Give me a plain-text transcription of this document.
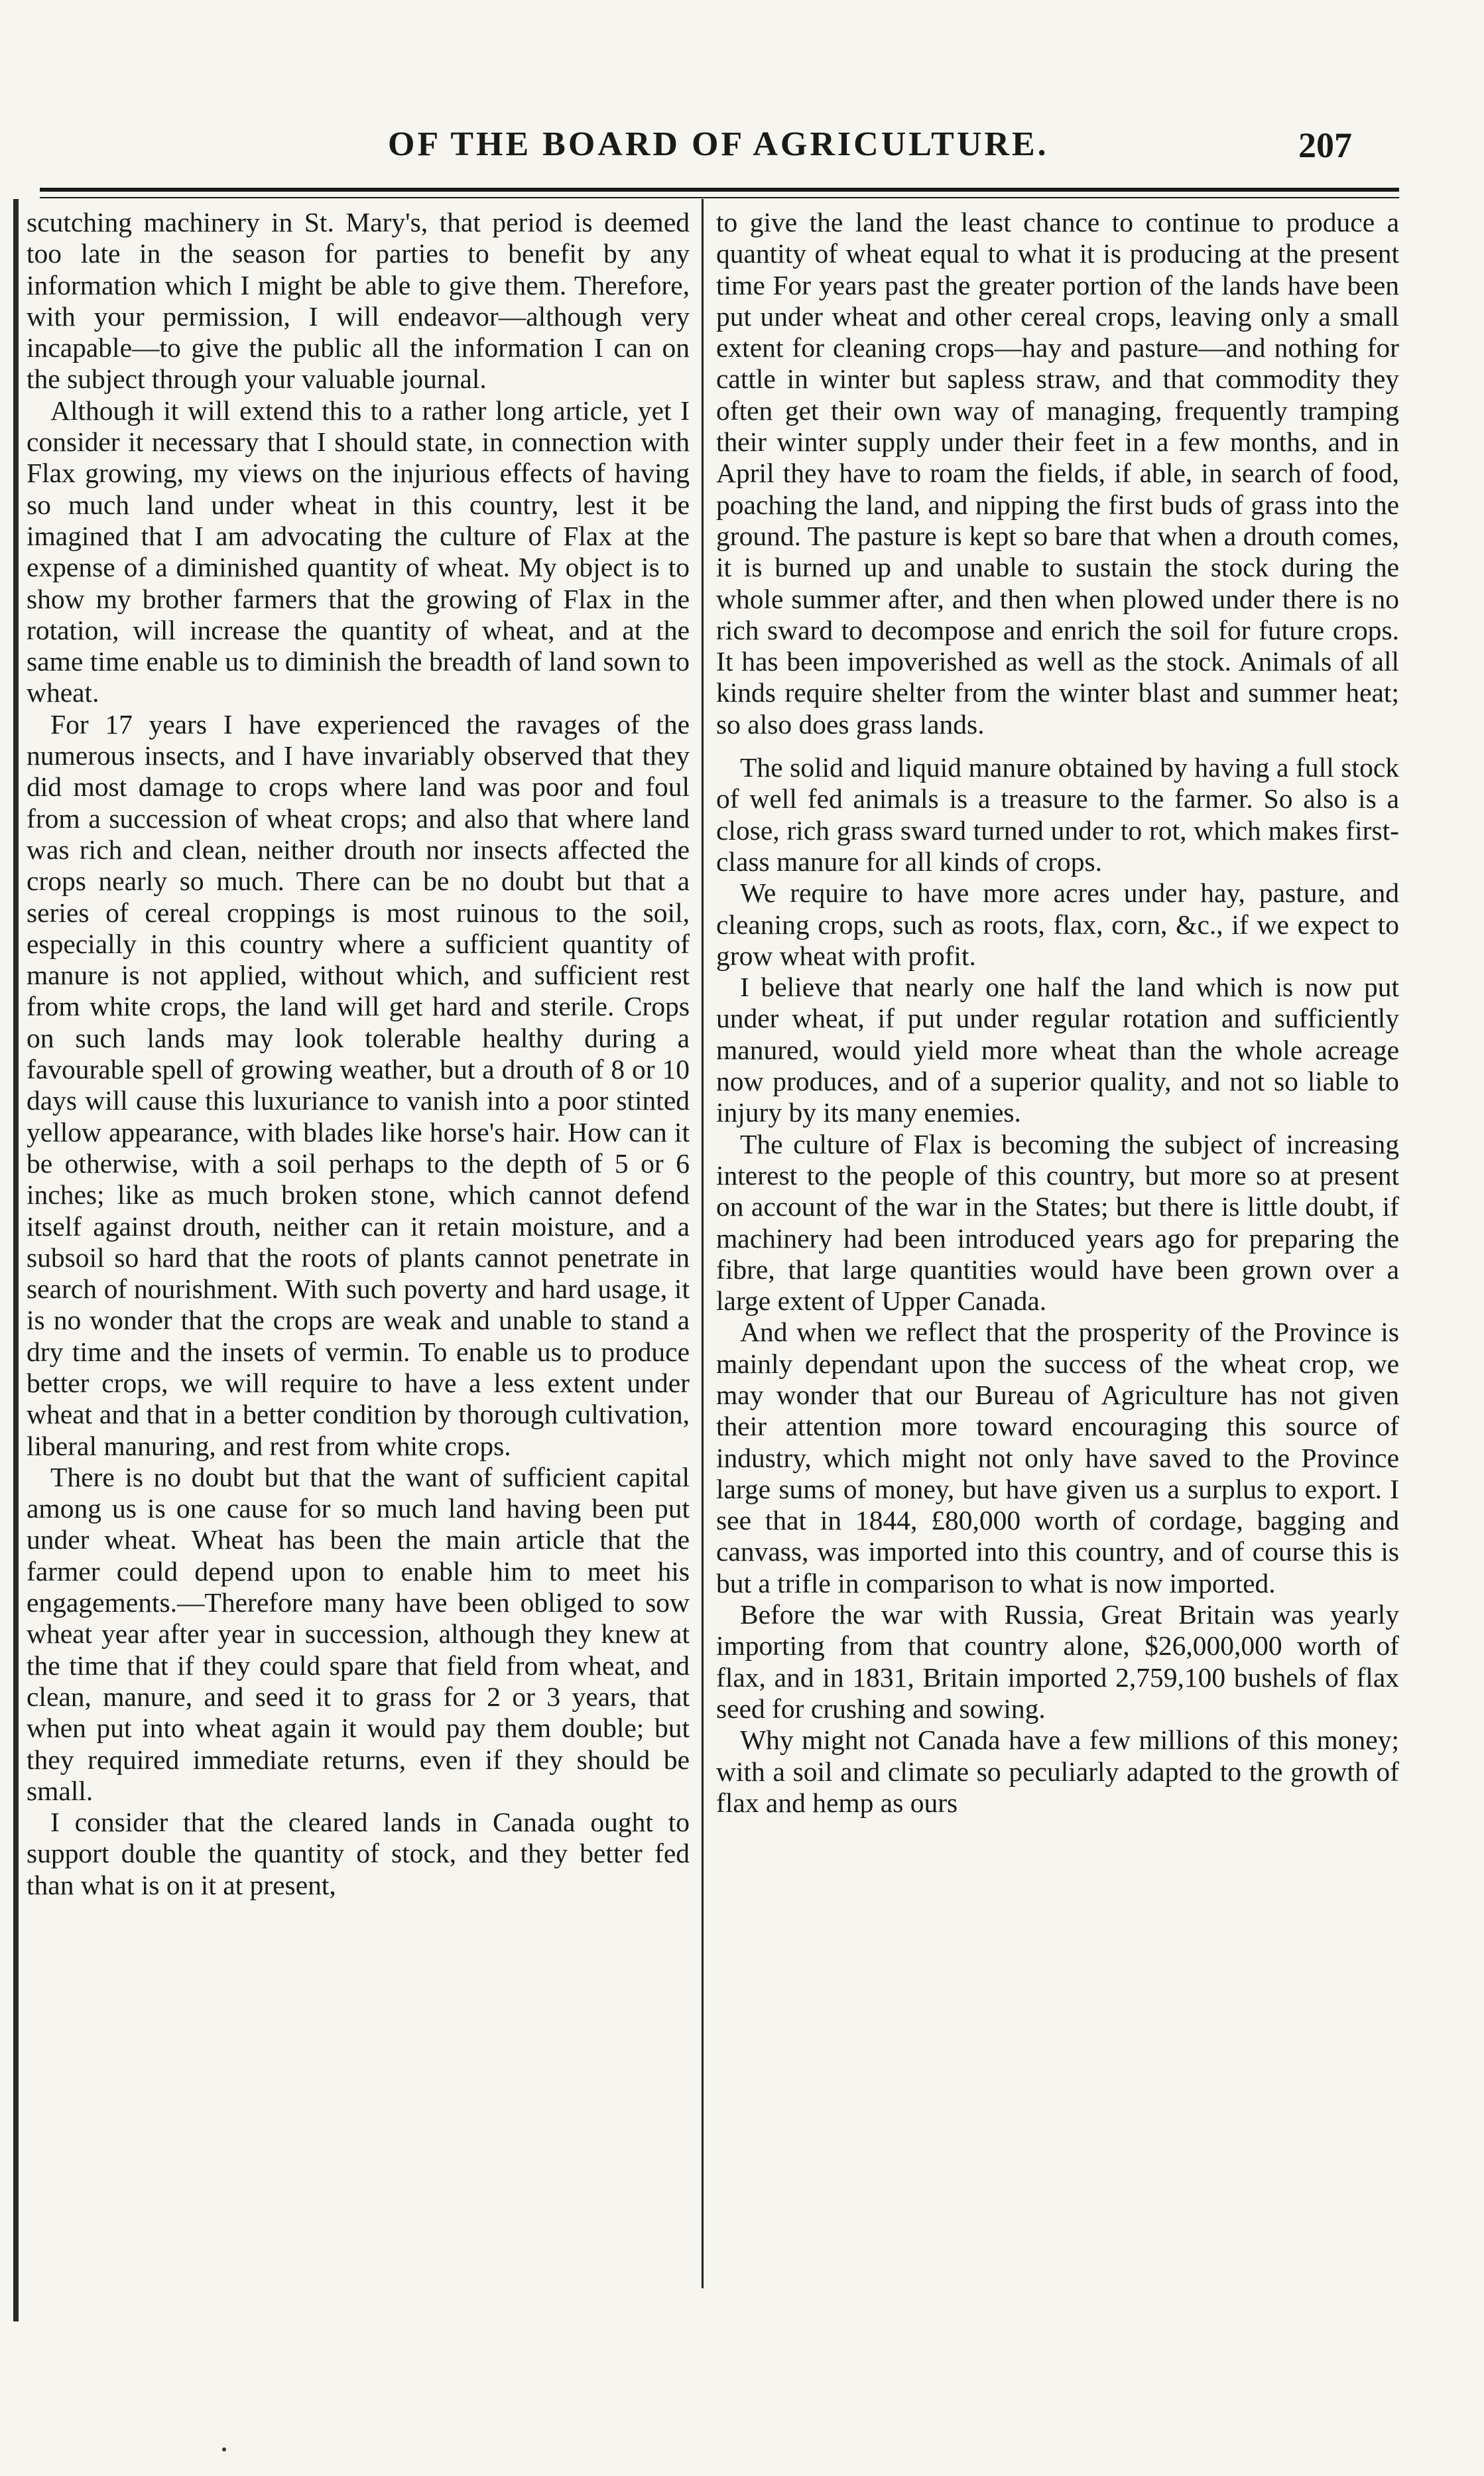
OF THE BOARD OF AGRICULTURE.	207

scutching machinery in St. Mary's, that period is deemed too late in the season for parties to benefit by any information which I might be able to give them. Therefore, with your permission, I will endeavor—although very incapable—to give the public all the information I can on the subject through your valuable journal.

Although it will extend this to a rather long article, yet I consider it necessary that I should state, in connection with Flax growing, my views on the injurious effects of having so much land under wheat in this country, lest it be imagined that I am advocating the culture of Flax at the expense of a diminished quantity of wheat. My object is to show my brother farmers that the growing of Flax in the rotation, will increase the quantity of wheat, and at the same time enable us to diminish the breadth of land sown to wheat.

For 17 years I have experienced the ravages of the numerous insects, and I have invariably observed that they did most damage to crops where land was poor and foul from a succession of wheat crops; and also that where land was rich and clean, neither drouth nor insects affected the crops nearly so much. There can be no doubt but that a series of cereal croppings is most ruinous to the soil, especially in this country where a sufficient quantity of manure is not applied, without which, and sufficient rest from white crops, the land will get hard and sterile. Crops on such lands may look tolerable healthy during a favourable spell of growing weather, but a drouth of 8 or 10 days will cause this luxuriance to vanish into a poor stinted yellow appearance, with blades like horse's hair. How can it be otherwise, with a soil perhaps to the depth of 5 or 6 inches; like as much broken stone, which cannot defend itself against drouth, neither can it retain moisture, and a subsoil so hard that the roots of plants cannot penetrate in search of nourishment. With such poverty and hard usage, it is no wonder that the crops are weak and unable to stand a dry time and the insets of vermin. To enable us to produce better crops, we will require to have a less extent under wheat and that in a better condition by thorough cultivation, liberal manuring, and rest from white crops.

There is no doubt but that the want of sufficient capital among us is one cause for so much land having been put under wheat. Wheat has been the main article that the farmer could depend upon to enable him to meet his engagements.—Therefore many have been obliged to sow wheat year after year in succession, although they knew at the time that if they could spare that field from wheat, and clean, manure, and seed it to grass for 2 or 3 years, that when put into wheat again it would pay them double; but they required immediate returns, even if they should be small.

I consider that the cleared lands in Canada ought to support double the quantity of stock, and they better fed than what is on it at present,

to give the land the least chance to continue to produce a quantity of wheat equal to what it is producing at the present time For years past the greater portion of the lands have been put under wheat and other cereal crops, leaving only a small extent for cleaning crops—hay and pasture—and nothing for cattle in winter but sapless straw, and that commodity they often get their own way of managing, frequently tramping their winter supply under their feet in a few months, and in April they have to roam the fields, if able, in search of food, poaching the land, and nipping the first buds of grass into the ground. The pasture is kept so bare that when a drouth comes, it is burned up and unable to sustain the stock during the whole summer after, and then when plowed under there is no rich sward to decompose and enrich the soil for future crops. It has been impoverished as well as the stock. Animals of all kinds require shelter from the winter blast and summer heat; so also does grass lands.

The solid and liquid manure obtained by having a full stock of well fed animals is a treasure to the farmer. So also is a close, rich grass sward turned under to rot, which makes first-class manure for all kinds of crops.

We require to have more acres under hay, pasture, and cleaning crops, such as roots, flax, corn, &c., if we expect to grow wheat with profit.

I believe that nearly one half the land which is now put under wheat, if put under regular rotation and sufficiently manured, would yield more wheat than the whole acreage now produces, and of a superior quality, and not so liable to injury by its many enemies.

The culture of Flax is becoming the subject of increasing interest to the people of this country, but more so at present on account of the war in the States; but there is little doubt, if machinery had been introduced years ago for preparing the fibre, that large quantities would have been grown over a large extent of Upper Canada.

And when we reflect that the prosperity of the Province is mainly dependant upon the success of the wheat crop, we may wonder that our Bureau of Agriculture has not given their attention more toward encouraging this source of industry, which might not only have saved to the Province large sums of money, but have given us a surplus to export. I see that in 1844, £80,000 worth of cordage, bagging and canvass, was imported into this country, and of course this is but a trifle in comparison to what is now imported.

Before the war with Russia, Great Britain was yearly importing from that country alone, $26,000,000 worth of flax, and in 1831, Britain imported 2,759,100 bushels of flax seed for crushing and sowing.

Why might not Canada have a few millions of this money; with a soil and climate so peculiarly adapted to the growth of flax and hemp as ours
